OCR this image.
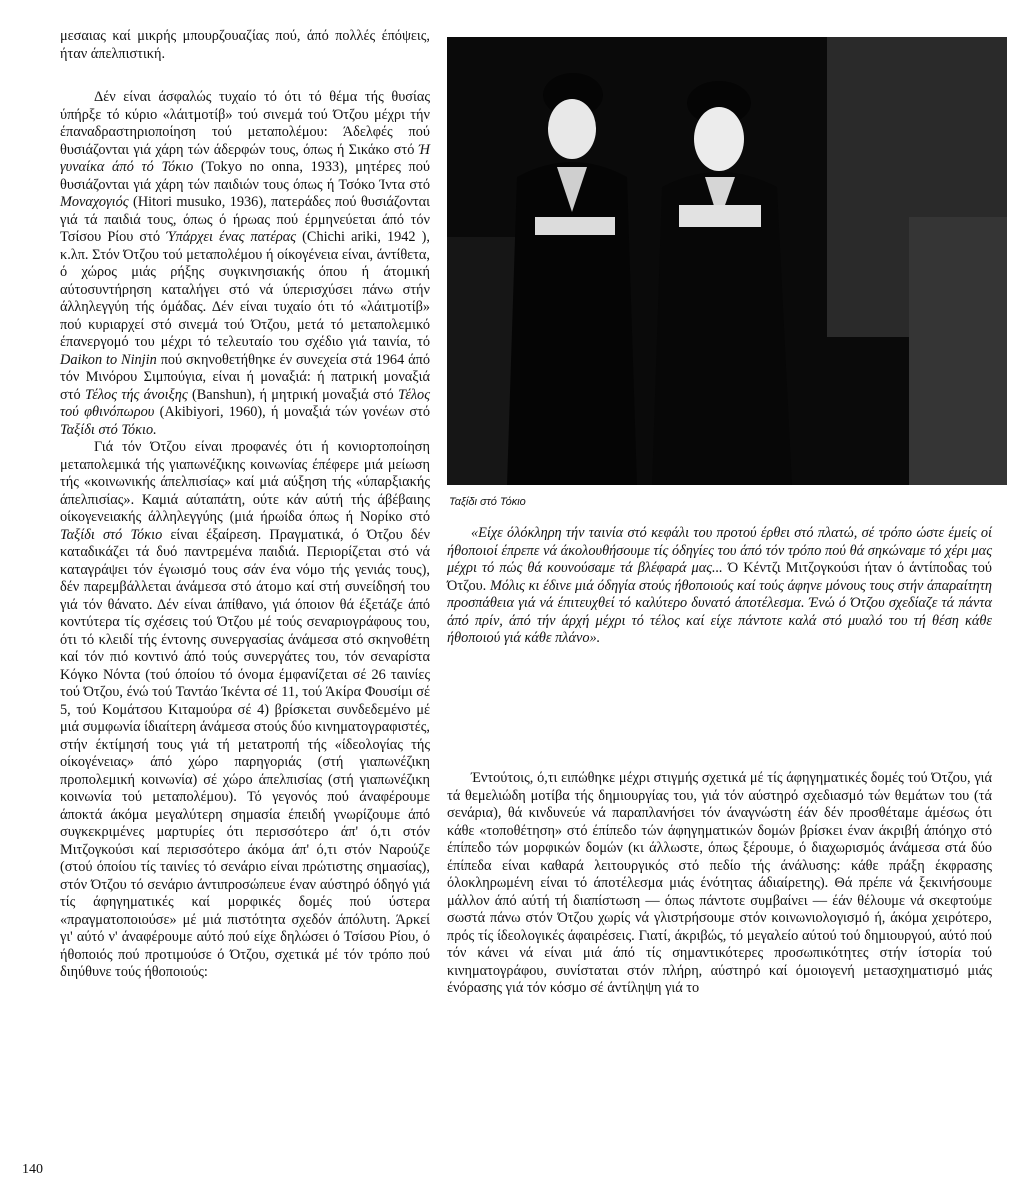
μεσαιας καί μικρής μπουρζουαζίας πού, άπό πολλές έπόψεις, ήταν άπελπιστική.

Δέν είναι άσφαλώς τυχαίο τό ότι τό θέμα τής θυσίας ύπήρξε τό κύριο «λάιτμοτίβ» τού σινεμά τού Ότζου μέχρι τήν έπαναδραστηριοποίηση τού μεταπολέμου: Άδελφές πού θυσιάζονται γιά χάρη τών άδερφών τους, όπως ή Σικάκο στό Ή γυναίκα άπό τό Τόκιο (Tokyo no onna, 1933), μητέρες πού θυσιάζονται γιά χάρη τών παιδιών τους όπως ή Τσόκο Ίντα στό Μοναχογιός (Hitori musuko, 1936), πατεράδες πού θυσιάζονται γιά τά παιδιά τους, όπως ό ήρωας πού έρμηνεύεται άπό τόν Τσίσου Ρίου στό Ύπάρχει ένας πατέρας (Chichi ariki, 1942 ), κ.λπ. Στόν Ότζου τού μεταπολέμου ή οίκογένεια είναι, άντίθετα, ό χώρος μιάς ρήξης συγκινησιακής όπου ή άτομική αύτοσυντήρηση καταλήγει στό νά ύπερισχύσει πάνω στήν άλληλεγγύη τής όμάδας. Δέν είναι τυχαίο ότι τό «λάιτμοτίβ» πού κυριαρχεί στό σινεμά τού Ότζου, μετά τό μεταπολεμικό έπανεργομό του μέχρι τό τελευταίο του σχέδιο γιά ταινία, τό Daikon to Ninjin πού σκηνοθετήθηκε έν συνεχεία στά 1964 άπό τόν Μινόρου Σιμπούγια, είναι ή μοναξιά: ή πατρική μοναξιά στό Τέλος τής άνοιξης (Banshun), ή μητρική μοναξιά στό Τέλος τού φθινόπωρου (Akibiyori, 1960), ή μοναξιά τών γονέων στό Ταξίδι στό Τόκιο.

Γιά τόν Ότζου είναι προφανές ότι ή κονιορτοποίηση μεταπολεμικά τής γιαπωνέζικης κοινωνίας έπέφερε μιά μείωση τής «κοινωνικής άπελπισίας» καί μιά αύξηση τής «ύπαρξιακής άπελπισίας». Καμιά αύταπάτη, ούτε κάν αύτή τής άβέβαιης οίκογενειακής άλληλεγγύης (μιά ήρωίδα όπως ή Νορίκο στό Ταξίδι στό Τόκιο είναι έξαίρεση. Πραγματικά, ό Ότζου δέν καταδικάζει τά δυό παντρεμένα παιδιά. Περιορίζεται στό νά καταγράψει τόν έγωισμό τους σάν ένα νόμο τής γενιάς τους), δέν παρεμβάλλεται άνάμεσα στό άτομο καί στή συνείδησή του γιά τόν θάνατο. Δέν είναι άπίθανο, γιά όποιον θά έξετάζε άπό κοντύτερα τίς σχέσεις τού Ότζου μέ τούς σεναριογράφους του, ότι τό κλειδί τής έντονης συνεργασίας άνάμεσα στό σκηνοθέτη καί τόν πιό κοντινό άπό τούς συνεργάτες του, τόν σεναρίστα Κόγκο Νόντα (τού όποίου τό όνομα έμφανίζεται σέ 26 ταινίες τού Ότζου, ένώ τού Ταντάο Ίκέντα σέ 11, τού Άκίρα Φουσίμι σέ 5, τού Κομάτσου Κιταμούρα σέ 4) βρίσκεται συνδεδεμένο μέ μιά συμφωνία ίδιαίτερη άνάμεσα στούς δύο κινηματογραφιστές, στήν έκτίμησή τους γιά τή μετατροπή τής «ίδεολογίας τής οίκογένειας» άπό χώρο παρηγοριάς (στή γιαπωνέζικη προπολεμική κοινωνία) σέ χώρο άπελπισίας (στή γιαπωνέζικη κοινωνία τού μεταπολέμου). Τό γεγονός πού άναφέρουμε άποκτά άκόμα μεγαλύτερη σημασία έπειδή γνωρίζουμε άπό συγκεκριμένες μαρτυρίες ότι περισσότερο άπ' ό,τι στόν Μιτζογκούσι καί περισσότερο άκόμα άπ' ό,τι στόν Ναρούζε (στού όποίου τίς ταινίες τό σενάριο είναι πρώτιστης σημασίας), στόν Ότζου τό σενάριο άντιπροσώπευε έναν αύστηρό όδηγό γιά τίς άφηγηματικές καί μορφικές δομές πού ύστερα «πραγματοποιούσε» μέ μιά πιστότητα σχεδόν άπόλυτη. Άρκεί γι' αύτό ν' άναφέρουμε αύτό πού είχε δηλώσει ό Τσίσου Ρίου, ό ήθοποιός πού προτιμούσε ό Ότζου, σχετικά μέ τόν τρόπο πού διηύθυνε τούς ήθοποιούς:

Ταξίδι στό Τόκιο
«Είχε όλόκληρη τήν ταινία στό κεφάλι του προτού έρθει στό πλατώ, σέ τρόπο ώστε έμείς οί ήθοποιοί έπρεπε νά άκολουθήσουμε τίς όδηγίες του άπό τόν τρόπο πού θά σηκώναμε τό χέρι μας μέχρι τό πώς θά κουνούσαμε τά βλέφαρά μας... Ό Κέντζι Μιτζογκούσι ήταν ό άντίποδας τού Ότζου. Μόλις κι έδινε μιά όδηγία στούς ήθοποιούς καί τούς άφηνε μόνους τους στήν άπαραίτητη προσπάθεια γιά νά έπιτευχθεί τό καλύτερο δυνατό άποτέλεσμα. Ένώ ό Ότζου σχεδίαζε τά πάντα άπό πρίν, άπό τήν άρχή μέχρι τό τέλος καί είχε πάντοτε καλά στό μυαλό του τή θέση κάθε ήθοποιού γιά κάθε πλάνο».
Έντούτοις, ό,τι ειπώθηκε μέχρι στιγμής σχετικά μέ τίς άφηγηματικές δομές τού Ότζου, γιά τά θεμελιώδη μοτίβα τής δημιουργίας του, γιά τόν αύστηρό σχεδιασμό τών θεμάτων του (τά σενάρια), θά κινδυνεύε νά παραπλανήσει τόν άναγνώστη έάν δέν προσθέταμε άμέσως ότι κάθε «τοποθέτηση» στό έπίπεδο τών άφηγηματικών δομών βρίσκει έναν άκριβή άπόηχο στό έπίπεδο τών μορφικών δομών (κι άλλωστε, όπως ξέρουμε, ό διαχωρισμός άνάμεσα στά δύο έπίπεδα είναι καθαρά λειτουργικός στό πεδίο τής άνάλυσης: κάθε πράξη έκφρασης όλοκληρωμένη είναι τό άποτέλεσμα μιάς ένότητας άδιαίρετης). Θά πρέπε νά ξεκινήσουμε μάλλον άπό αύτή τή διαπίστωση — όπως πάντοτε συμβαίνει — έάν θέλουμε νά σκεφτούμε σωστά πάνω στόν Ότζου χωρίς νά γλιστρήσουμε στόν κοινωνιολογισμό ή, άκόμα χειρότερο, πρός τίς ίδεολογικές άφαιρέσεις. Γιατί, άκριβώς, τό μεγαλείο αύτού τού δημιουργού, αύτό πού τόν κάνει νά είναι μιά άπό τίς σημαντικότερες προσωπικότητες στήν ίστορία τού κινηματογράφου, συνίσταται στόν πλήρη, αύστηρό καί όμοιογενή μετασχηματισμό μιάς ένόρασης γιά τόν κόσμο σέ άντίληψη γιά το
140
